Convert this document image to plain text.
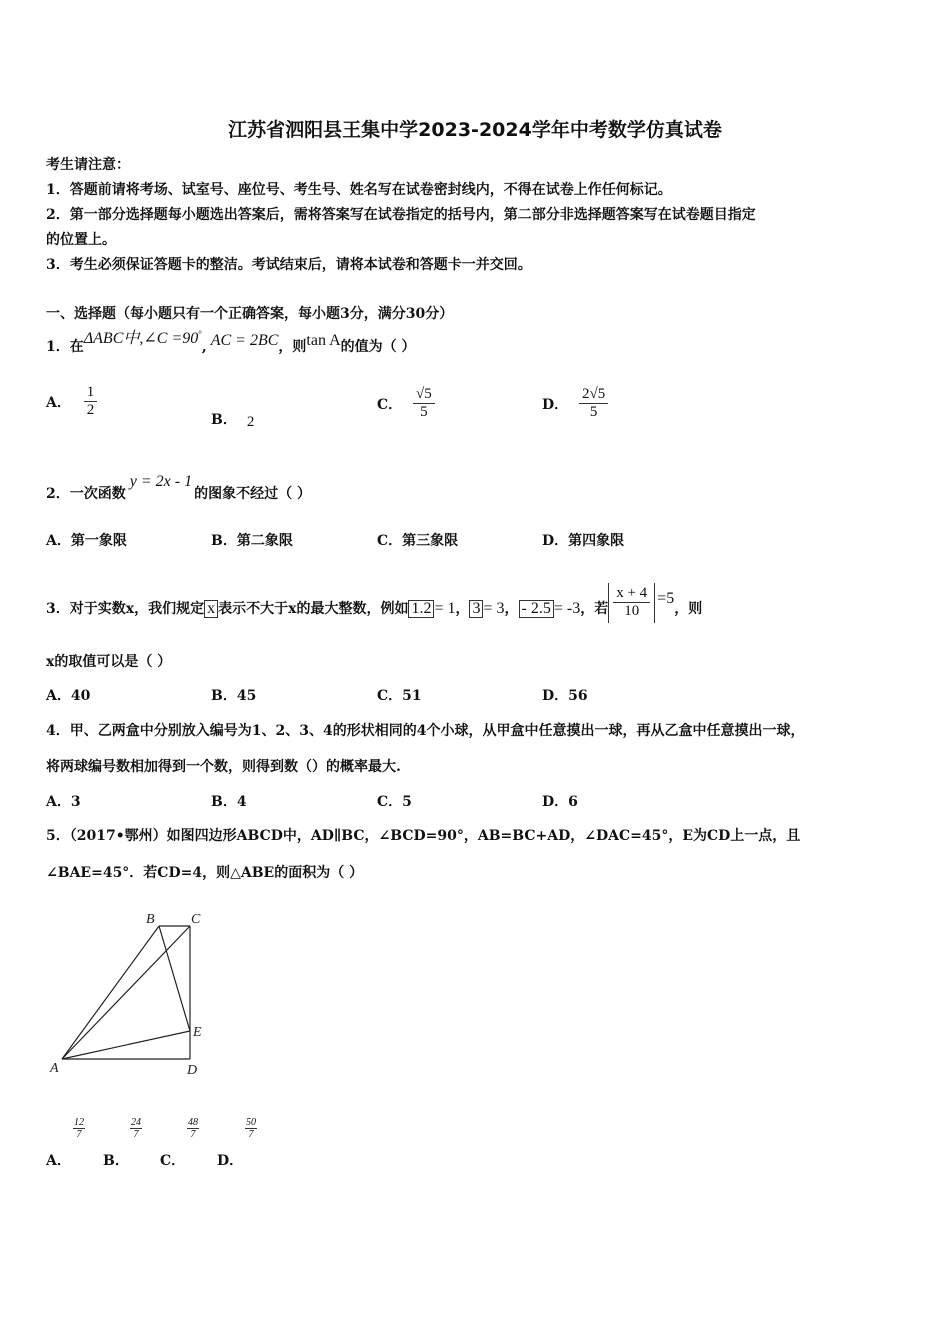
江苏省泗阳县王集中学2023-2024学年中考数学仿真试卷
考生请注意：
1．答题前请将考场、试室号、座位号、考生号、姓名写在试卷密封线内，不得在试卷上作任何标记。
2．第一部分选择题每小题选出答案后，需将答案写在试卷指定的括号内，第二部分非选择题答案写在试卷题目指定
的位置上。
3．考生必须保证答题卡的整洁。考试结束后，请将本试卷和答题卡一并交回。
一、选择题（每小题只有一个正确答案，每小题3分，满分30分）
1．在ΔABC中,∠C =90°, AC = 2BC，则tan A的值为（ ）
A． $\frac{1}{2}$
B． 2
C． $\frac{√5}{5}$	D． $\frac{2√5}{5}$
2．一次函数y = 2x - 1的图象不经过（ ）
A．第一象限	B．第二象限	C．第三象限	D．第四象限
3．对于实数x，我们规定 x 表示不大于x的最大整数，例如 1.2 = 1， 3 = 3， - 2.5 = -3，若 $\frac{x + 4}{10} =5$，则
x的取值可以是（ ）
A．40	B．45	C．51	D．56
4．甲、乙两盒中分别放入编号为1、2、3、4的形状相同的4个小球，从甲盒中任意摸出一球，再从乙盒中任意摸出一球，
将两球编号数相加得到一个数，则得到数（）的概率最大.
A．3	B．4	C．5	D．6
5．（2017•鄂州）如图四边形ABCD中，AD∥BC，∠BCD=90°，AB=BC+AD，∠DAC=45°，E为CD上一点，且
∠BAE=45°．若CD=4，则△ABE的面积为（ ）
B	C
E
D
A
$\frac{12}{7}$	$\frac{24}{7}$	$\frac{48}{7}$	$\frac{50}{7}$
A． B． C． D．
